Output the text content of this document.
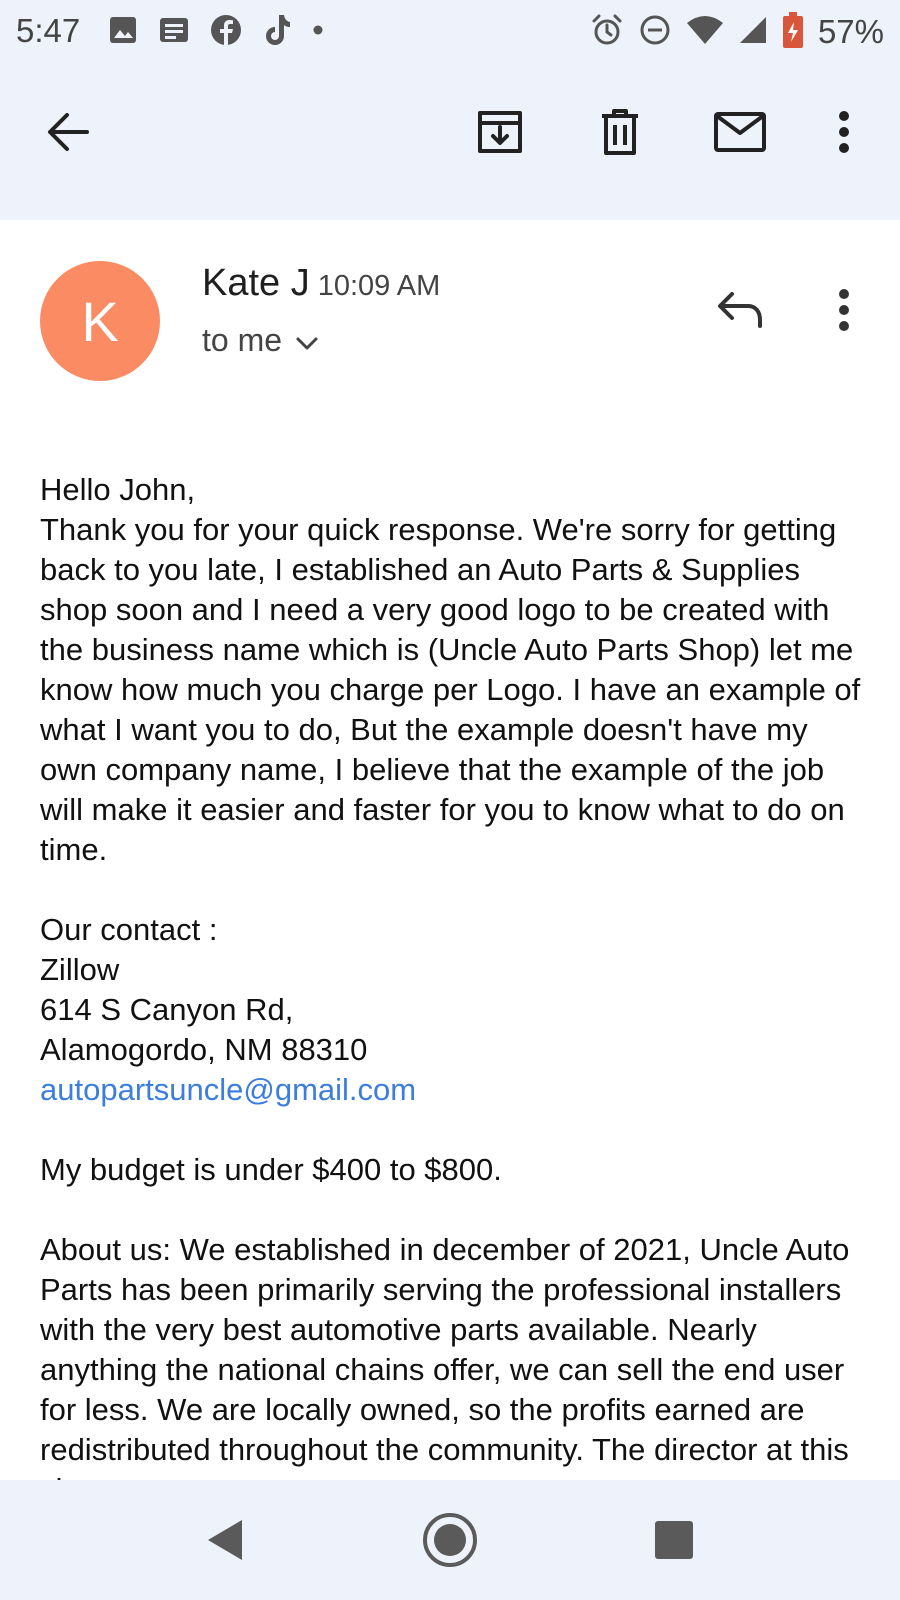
5:47	57%
K
Kate J 10:09 AM
to me

Hello John,

Thank you for your quick response. We're sorry for getting back to you late, I established an Auto Parts & Supplies shop soon and I need a very good logo to be created with the business name which is (Uncle Auto Parts Shop) let me know how much you charge per Logo. I have an example of what I want you to do, But the example doesn't have my own company name, I believe that the example of the job will make it easier and faster for you to know what to do on time.

Our contact :

Zillow

614 S Canyon Rd,

Alamogordo, NM 88310

autopartsuncle@gmail.com

My budget is under $400 to $800.

About us: We established in december of 2021, Uncle Auto Parts has been primarily serving the professional installers with the very best automotive parts available. Nearly anything the national chains offer, we can sell the end user for less. We are locally owned, so the profits earned are redistributed throughout the community. The director at this
